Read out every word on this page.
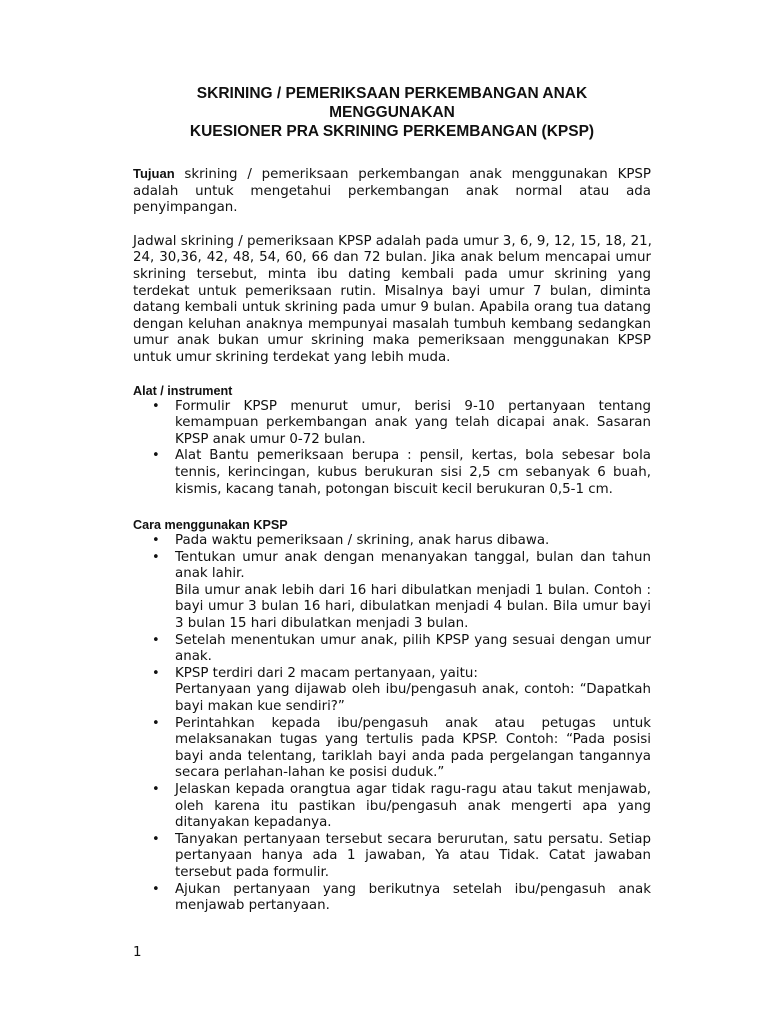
SKRINING / PEMERIKSAAN PERKEMBANGAN ANAK
MENGGUNAKAN
KUESIONER PRA SKRINING PERKEMBANGAN (KPSP)

Tujuan skrining / pemeriksaan perkembangan anak menggunakan KPSP adalah untuk mengetahui perkembangan anak normal atau ada penyimpangan.

Jadwal skrining / pemeriksaan KPSP adalah pada umur 3, 6, 9, 12, 15, 18, 21,

24, 30,36, 42, 48, 54, 60, 66 dan 72 bulan. Jika anak belum mencapai umur skrining tersebut, minta ibu dating kembali pada umur skrining yang terdekat untuk pemeriksaan rutin. Misalnya bayi umur 7 bulan, diminta datang kembali untuk skrining pada umur 9 bulan. Apabila orang tua datang dengan keluhan anaknya mempunyai masalah tumbuh kembang sedangkan umur anak bukan umur skrining maka pemeriksaan menggunakan KPSP untuk umur skrining terdekat yang lebih muda.

Alat / instrument
• Formulir KPSP menurut umur, berisi 9-10 pertanyaan tentang kemampuan perkembangan anak yang telah dicapai anak. Sasaran KPSP anak umur 0-72 bulan.
• Alat Bantu pemeriksaan berupa : pensil, kertas, bola sebesar bola tennis, kerincingan, kubus berukuran sisi 2,5 cm sebanyak 6 buah, kismis, kacang tanah, potongan biscuit kecil berukuran 0,5-1 cm.
Cara menggunakan KPSP
• Pada waktu pemeriksaan / skrining, anak harus dibawa.
• Tentukan umur anak dengan menanyakan tanggal, bulan dan tahun anak lahir.
Bila umur anak lebih dari 16 hari dibulatkan menjadi 1 bulan. Contoh : bayi umur 3 bulan 16 hari, dibulatkan menjadi 4 bulan. Bila umur bayi 3 bulan 15 hari dibulatkan menjadi 3 bulan.
• Setelah menentukan umur anak, pilih KPSP yang sesuai dengan umur anak.
• KPSP terdiri dari 2 macam pertanyaan, yaitu:
Pertanyaan yang dijawab oleh ibu/pengasuh anak, contoh: “Dapatkah bayi makan kue sendiri?”
• Perintahkan kepada ibu/pengasuh anak atau petugas untuk melaksanakan tugas yang tertulis pada KPSP. Contoh: “Pada posisi bayi anda telentang, tariklah bayi anda pada pergelangan tangannya secara perlahan-lahan ke posisi duduk.”
• Jelaskan kepada orangtua agar tidak ragu-ragu atau takut menjawab, oleh karena itu pastikan ibu/pengasuh anak mengerti apa yang ditanyakan kepadanya.
• Tanyakan pertanyaan tersebut secara berurutan, satu persatu. Setiap pertanyaan hanya ada 1 jawaban, Ya atau Tidak. Catat jawaban tersebut pada formulir.
• Ajukan pertanyaan yang berikutnya setelah ibu/pengasuh anak menjawab pertanyaan.
1
